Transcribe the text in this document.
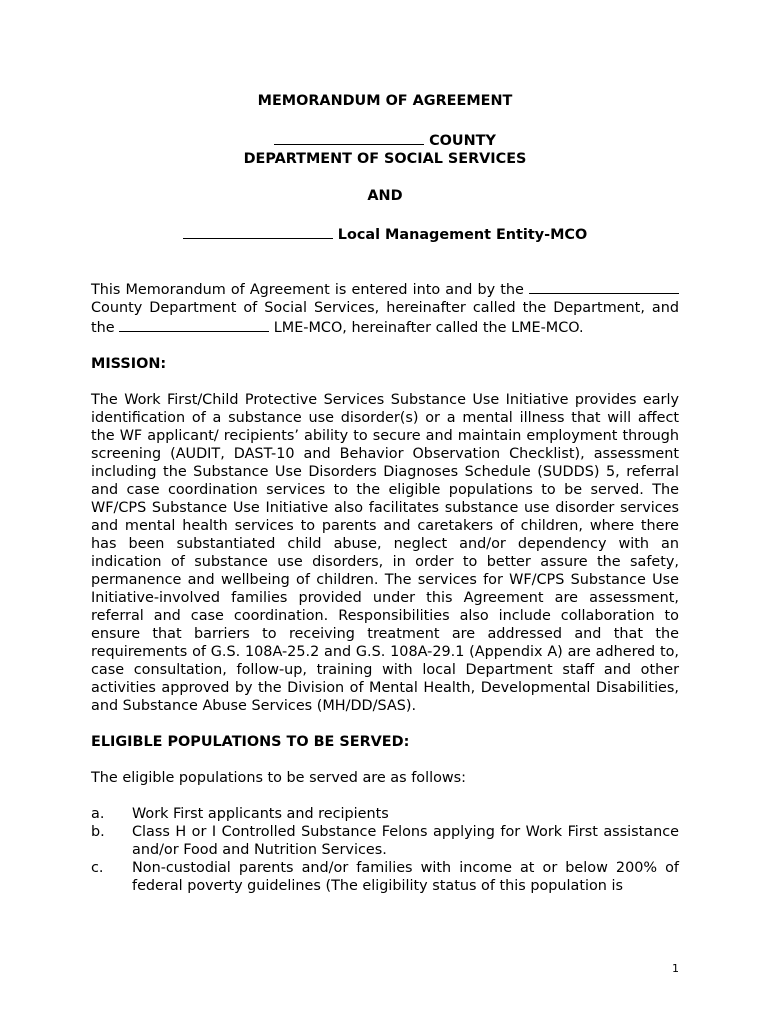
MEMORANDUM OF AGREEMENT

COUNTY

DEPARTMENT OF SOCIAL SERVICES

AND

Local Management Entity-MCO

This Memorandum of Agreement is entered into and by the  County Department of Social Services, hereinafter called the Department, and the	LME-MCO, hereinafter called the LME-MCO.

MISSION:

The Work First/Child Protective Services Substance Use Initiative provides early identification of a substance use disorder(s) or a mental illness that will affect the WF applicant/ recipients’ ability to secure and maintain employment through screening (AUDIT, DAST-10 and Behavior Observation Checklist), assessment including the Substance Use Disorders Diagnoses Schedule (SUDDS) 5, referral and case coordination services to the eligible populations to be served. The WF/CPS Substance Use Initiative also facilitates substance use disorder services and mental health services to parents and caretakers of children, where there has been substantiated child abuse, neglect and/or dependency with an indication of substance use disorders, in order to better assure the safety, permanence and wellbeing of children. The services for WF/CPS Substance Use Initiative-involved families provided under this Agreement are assessment, referral and case coordination. Responsibilities also include collaboration to ensure that barriers to receiving treatment are addressed and that the requirements of G.S. 108A-25.2 and G.S. 108A-29.1 (Appendix A) are adhered to, case consultation, follow-up, training with local Department staff and other activities approved by the Division of Mental Health, Developmental Disabilities, and Substance Abuse Services (MH/DD/SAS).

ELIGIBLE POPULATIONS TO BE SERVED:

The eligible populations to be served are as follows:

a.	Work First applicants and recipients
b.	Class H or I Controlled Substance Felons applying for Work First assistance and/or Food and Nutrition Services.
c.	Non-custodial parents and/or families with income at or below 200% of federal poverty guidelines (The eligibility status of this population is
1
